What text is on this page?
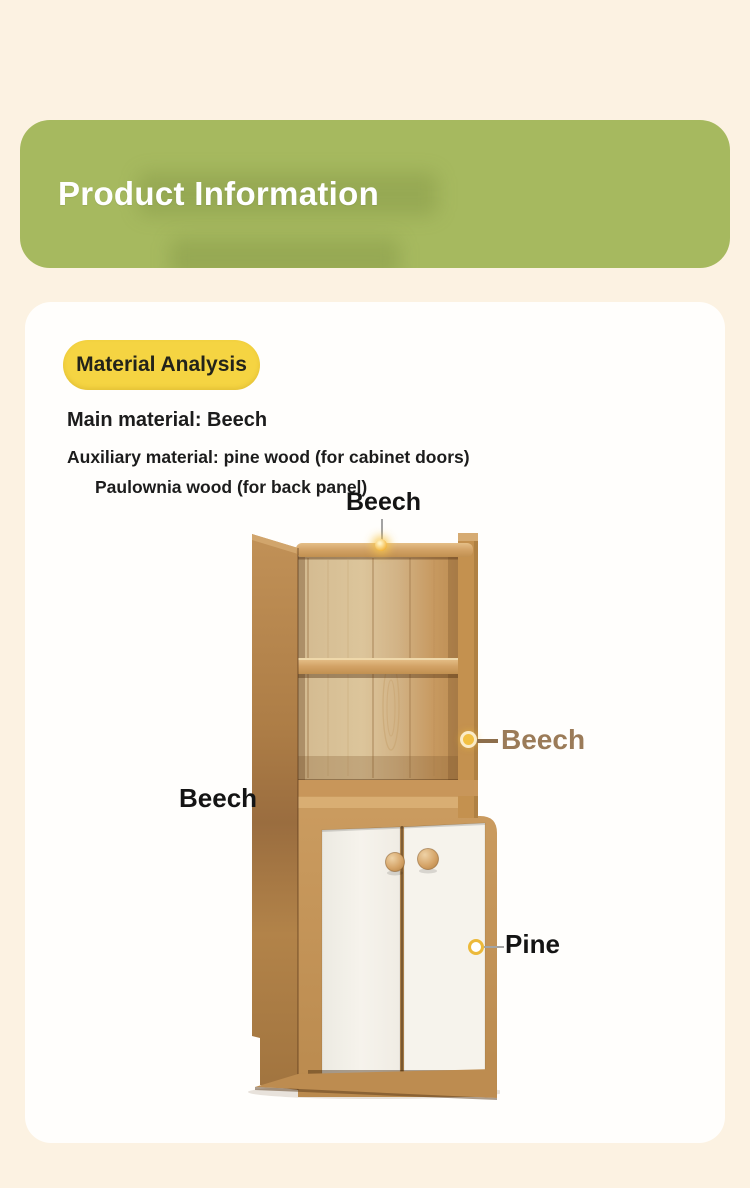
Product Information
Material Analysis
Main material: Beech
Auxiliary material: pine wood (for cabinet doors)
Paulownia wood (for back panel)
Beech
Beech
Beech
Pine
